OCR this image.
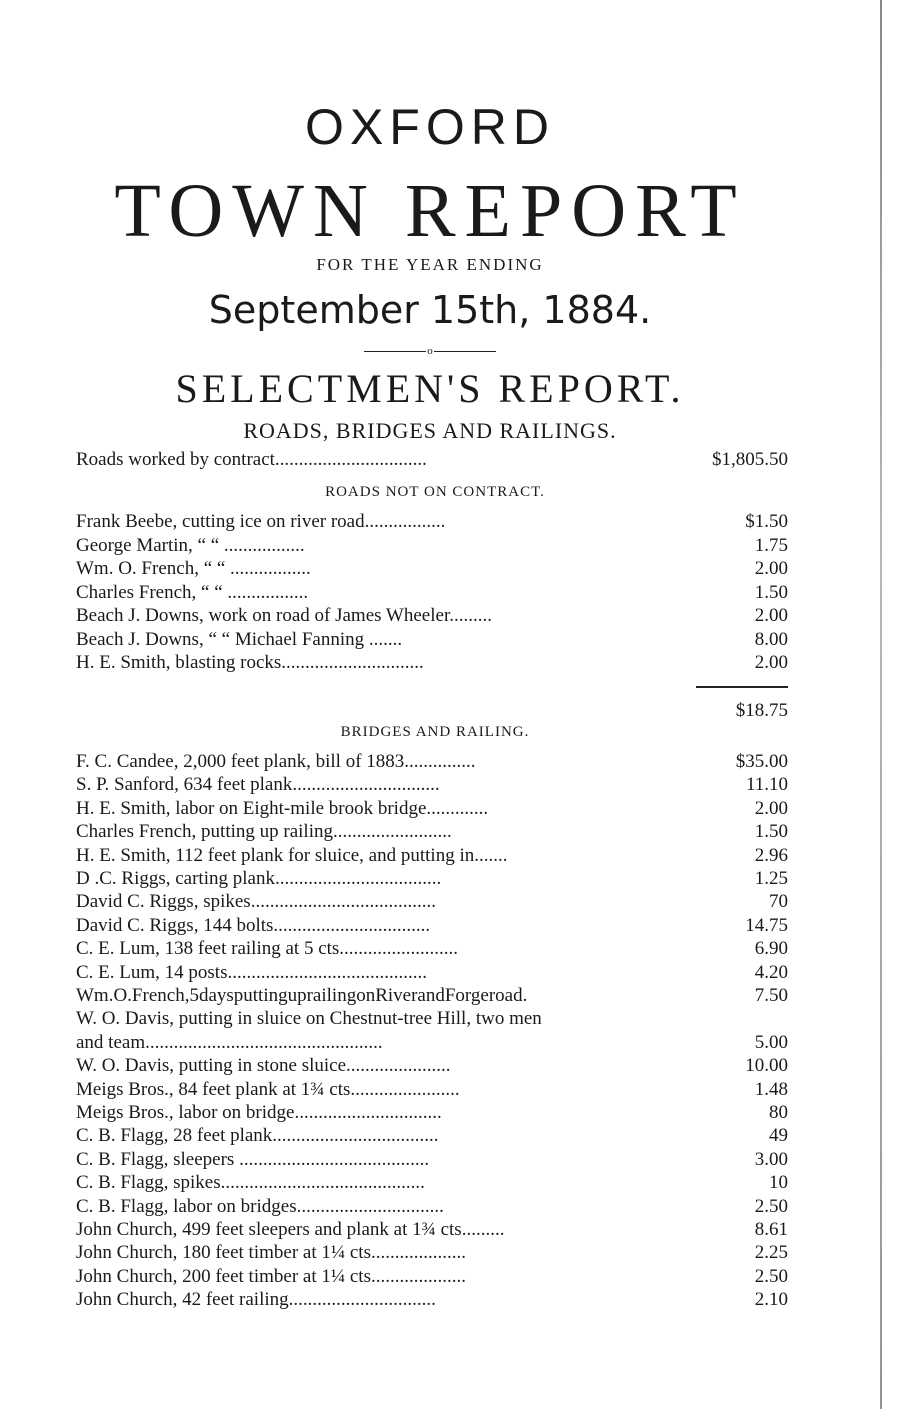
OXFORD
TOWN REPORT
FOR THE YEAR ENDING
September 15th, 1884.
o
SELECTMEN'S REPORT.
ROADS, BRIDGES AND RAILINGS.
Roads worked by contract................................	$1,805.50
ROADS NOT ON CONTRACT.
Frank Beebe, cutting ice on river road.................	$1.50
George Martin, “ “ .................	1.75
Wm. O. French, “ “ .................	2.00
Charles French, “ “ .................	1.50
Beach J. Downs, work on road of James Wheeler.........	2.00
Beach J. Downs, “ “ Michael Fanning .......	8.00
H. E. Smith, blasting rocks..............................	2.00
$18.75
BRIDGES AND RAILING.
F. C. Candee, 2,000 feet plank, bill of 1883...............	$35.00
S. P. Sanford, 634 feet plank...............................	11.10
H. E. Smith, labor on Eight-mile brook bridge.............	2.00
Charles French, putting up railing.........................	1.50
H. E. Smith, 112 feet plank for sluice, and putting in.......	2.96
D .C. Riggs, carting plank...................................	1.25
David C. Riggs, spikes.......................................	70
David C. Riggs, 144 bolts.................................	14.75
C. E. Lum, 138 feet railing at 5 cts.........................	6.90
C. E. Lum, 14 posts..........................................	4.20
Wm.O.French,5daysputtinguprailingonRiverandForgeroad.	7.50
W. O. Davis, putting in sluice on Chestnut-tree Hill, two men
and team..................................................	5.00
W. O. Davis, putting in stone sluice......................	10.00
Meigs Bros., 84 feet plank at 1¾ cts.......................	1.48
Meigs Bros., labor on bridge...............................	80
C. B. Flagg, 28 feet plank...................................	49
C. B. Flagg, sleepers ........................................	3.00
C. B. Flagg, spikes...........................................	10
C. B. Flagg, labor on bridges...............................	2.50
John Church, 499 feet sleepers and plank at 1¾ cts.........	8.61
John Church, 180 feet timber at 1¼ cts....................	2.25
John Church, 200 feet timber at 1¼ cts....................	2.50
John Church, 42 feet railing...............................	2.10
